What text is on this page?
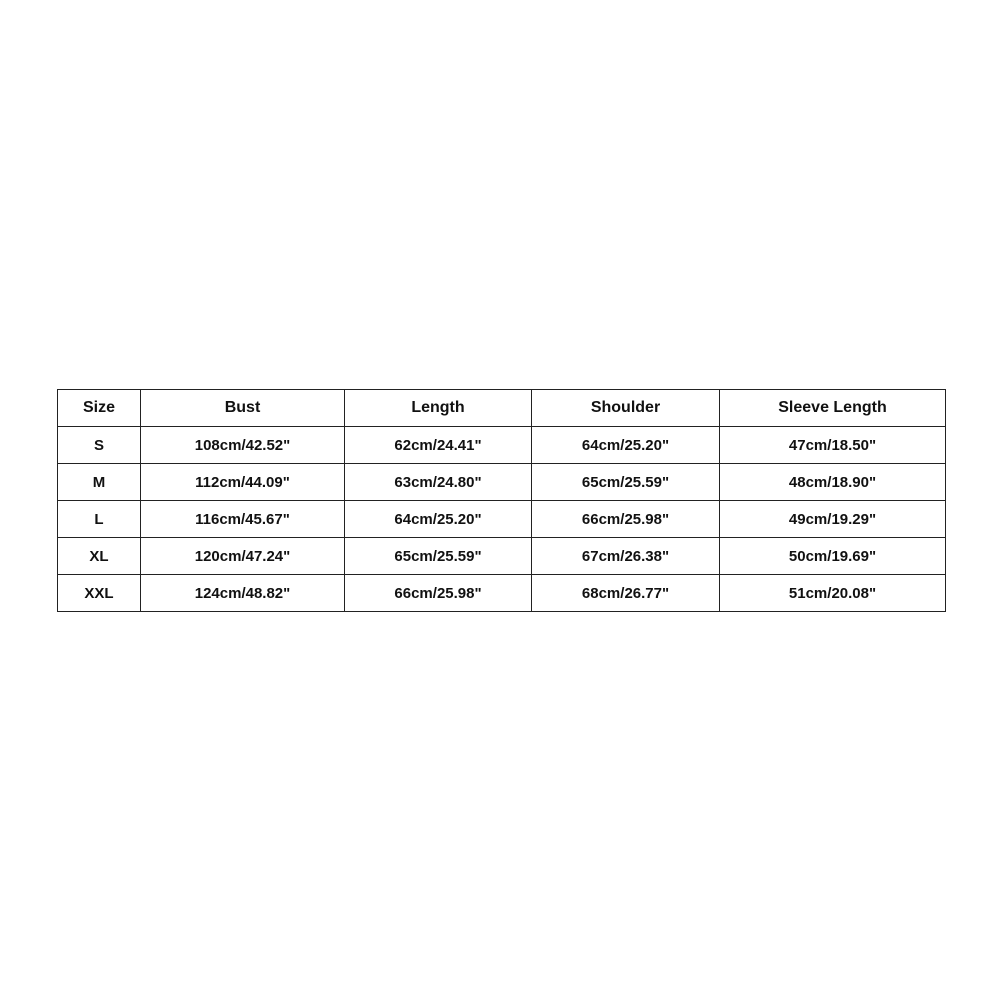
Size	Bust	Length	Shoulder	Sleeve Length
S	108cm/42.52"	62cm/24.41"	64cm/25.20"	47cm/18.50"
M	112cm/44.09"	63cm/24.80"	65cm/25.59"	48cm/18.90"
L	116cm/45.67"	64cm/25.20"	66cm/25.98"	49cm/19.29"
XL	120cm/47.24"	65cm/25.59"	67cm/26.38"	50cm/19.69"
XXL	124cm/48.82"	66cm/25.98"	68cm/26.77"	51cm/20.08"
